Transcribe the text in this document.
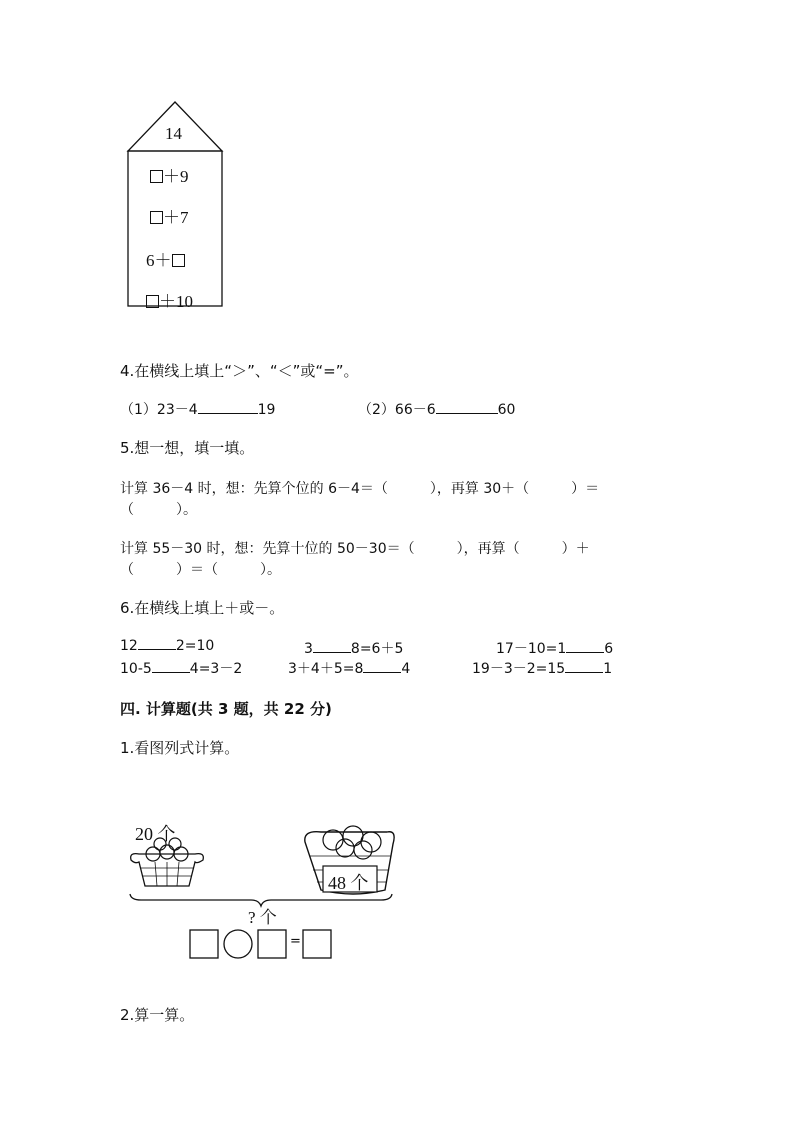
14
＋9
＋7
6＋
＋10
4.在横线上填上“＞”、“＜”或“=”。
（1）23－4	19	（2）66－6	60
5.想一想，填一填。
计算 36－4 时，想：先算个位的 6－4＝（　　　），再算 30＋（　　　）＝
（　　　）。
计算 55－30 时，想：先算十位的 50－30＝（　　　），再算（　　　）＋
（　　　）＝（　　　）。
6.在横线上填上＋或－。
12	2=10	3	8=6＋5	17－10=1	6
10-5	4=3－2	3＋4＋5=8	4	19－3－2=15	1
四. 计算题(共 3 题，共 22 分)
1.看图列式计算。
20 个
48 个
? 个
=
2.算一算。
